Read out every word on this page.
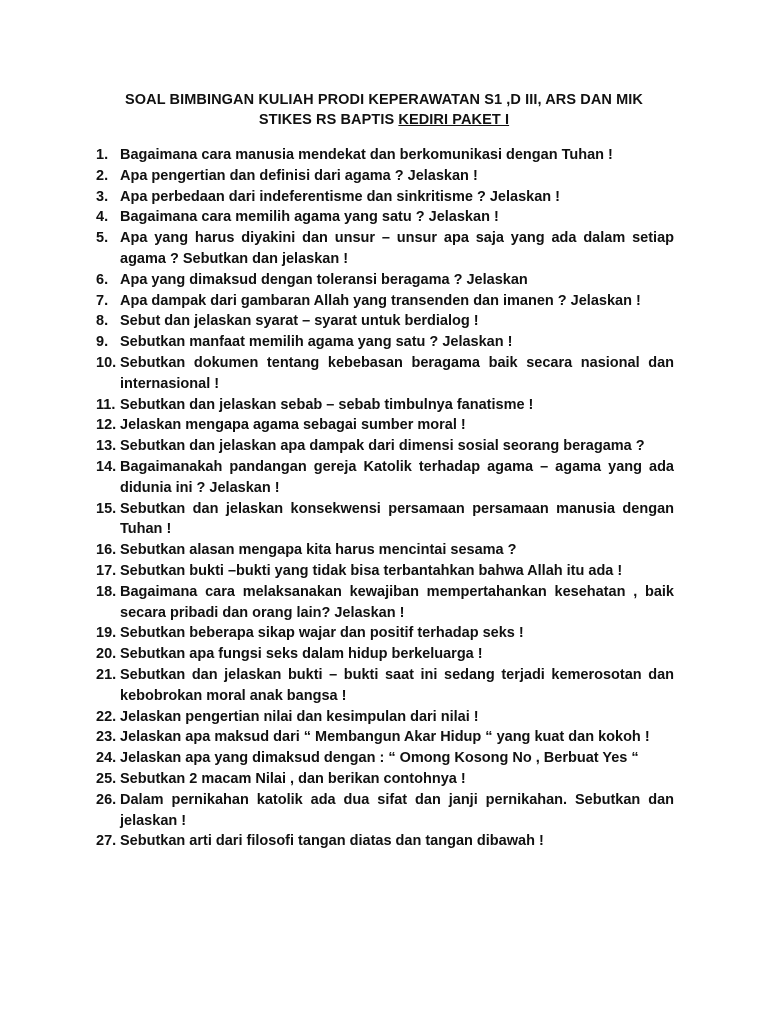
SOAL BIMBINGAN KULIAH PRODI KEPERAWATAN S1 ,D III, ARS DAN MIK
STIKES RS BAPTIS KEDIRI PAKET I
1. Bagaimana cara manusia mendekat dan berkomunikasi dengan Tuhan !
2. Apa pengertian dan definisi dari agama ? Jelaskan !
3. Apa perbedaan dari indeferentisme dan sinkritisme ? Jelaskan !
4. Bagaimana cara memilih agama yang satu ? Jelaskan !
5. Apa yang harus diyakini dan unsur – unsur apa saja yang ada dalam setiap agama ? Sebutkan dan jelaskan !
6. Apa yang dimaksud dengan toleransi beragama ? Jelaskan
7. Apa dampak dari gambaran Allah yang transenden dan imanen ? Jelaskan !
8. Sebut dan jelaskan syarat – syarat untuk berdialog !
9. Sebutkan manfaat memilih agama yang satu ? Jelaskan !
10. Sebutkan dokumen tentang kebebasan beragama baik secara nasional dan internasional !
11. Sebutkan dan jelaskan sebab – sebab timbulnya fanatisme !
12. Jelaskan mengapa agama sebagai sumber moral !
13. Sebutkan dan jelaskan apa dampak dari dimensi sosial seorang beragama ?
14. Bagaimanakah pandangan gereja Katolik terhadap agama – agama yang ada didunia ini ? Jelaskan !
15. Sebutkan dan jelaskan konsekwensi persamaan persamaan manusia dengan Tuhan !
16. Sebutkan alasan mengapa kita harus mencintai sesama ?
17. Sebutkan bukti –bukti yang tidak bisa terbantahkan bahwa Allah itu ada !
18. Bagaimana cara melaksanakan kewajiban mempertahankan kesehatan , baik secara pribadi dan orang lain? Jelaskan !
19. Sebutkan beberapa sikap wajar dan positif terhadap seks !
20. Sebutkan apa fungsi seks dalam hidup berkeluarga !
21. Sebutkan dan jelaskan bukti – bukti saat ini sedang terjadi kemerosotan dan kebobrokan moral anak bangsa !
22. Jelaskan pengertian nilai dan kesimpulan dari nilai !
23. Jelaskan apa maksud dari “ Membangun Akar Hidup “ yang kuat dan kokoh !
24. Jelaskan apa yang dimaksud dengan : “ Omong Kosong No , Berbuat Yes “
25. Sebutkan 2 macam Nilai , dan berikan contohnya !
26. Dalam pernikahan katolik ada dua sifat dan janji pernikahan. Sebutkan dan jelaskan !
27. Sebutkan arti dari filosofi tangan diatas dan tangan dibawah !
